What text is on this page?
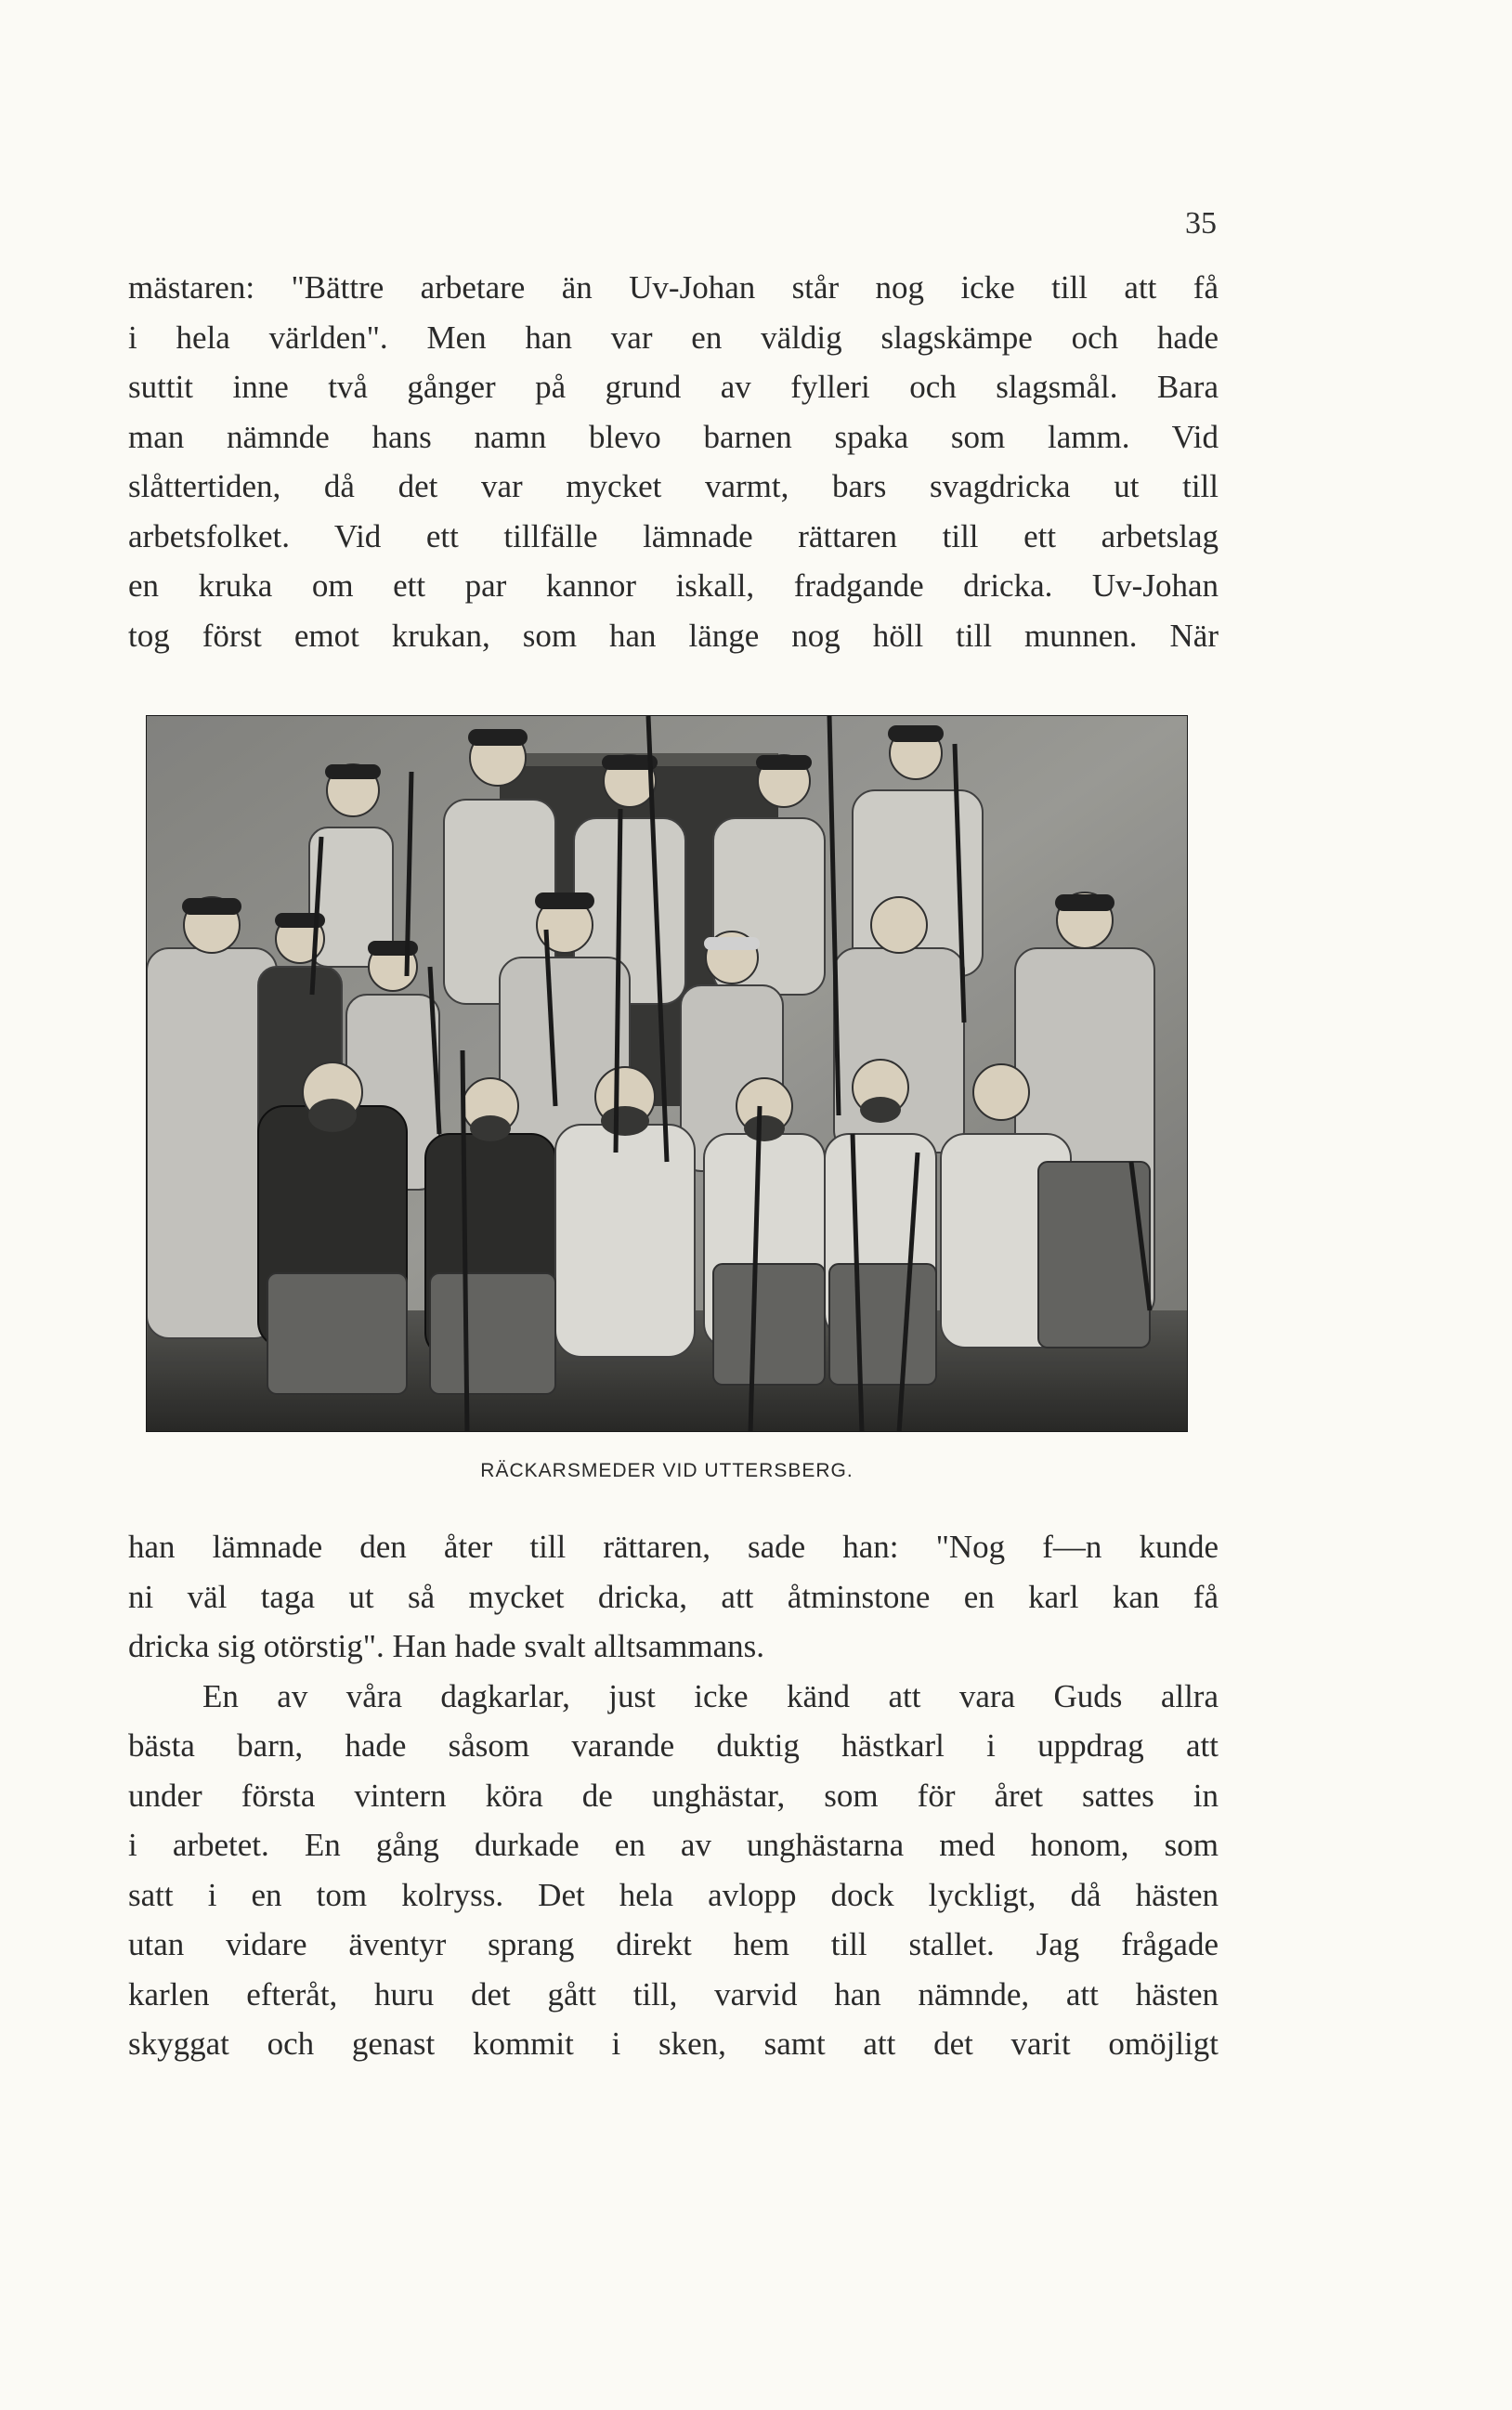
35
mästaren: "Bättre arbetare än Uv-Johan står nog icke till att få
i hela världen". Men han var en väldig slagskämpe och hade
suttit inne två gånger på grund av fylleri och slagsmål. Bara
man nämnde hans namn blevo barnen spaka som lamm. Vid
slåttertiden, då det var mycket varmt, bars svagdricka ut till
arbetsfolket. Vid ett tillfälle lämnade rättaren till ett arbetslag
en kruka om ett par kannor iskall, fradgande dricka. Uv-Johan
tog först emot krukan, som han länge nog höll till munnen. När
RÄCKARSMEDER VID UTTERSBERG.
han lämnade den åter till rättaren, sade han: "Nog f—n kunde
ni väl taga ut så mycket dricka, att åtminstone en karl kan få
dricka sig otörstig". Han hade svalt alltsammans.
En av våra dagkarlar, just icke känd att vara Guds allra
bästa barn, hade såsom varande duktig hästkarl i uppdrag att
under första vintern köra de unghästar, som för året sattes in
i arbetet. En gång durkade en av unghästarna med honom, som
satt i en tom kolryss. Det hela avlopp dock lyckligt, då hästen
utan vidare äventyr sprang direkt hem till stallet. Jag frågade
karlen efteråt, huru det gått till, varvid han nämnde, att hästen
skyggat och genast kommit i sken, samt att det varit omöjligt
